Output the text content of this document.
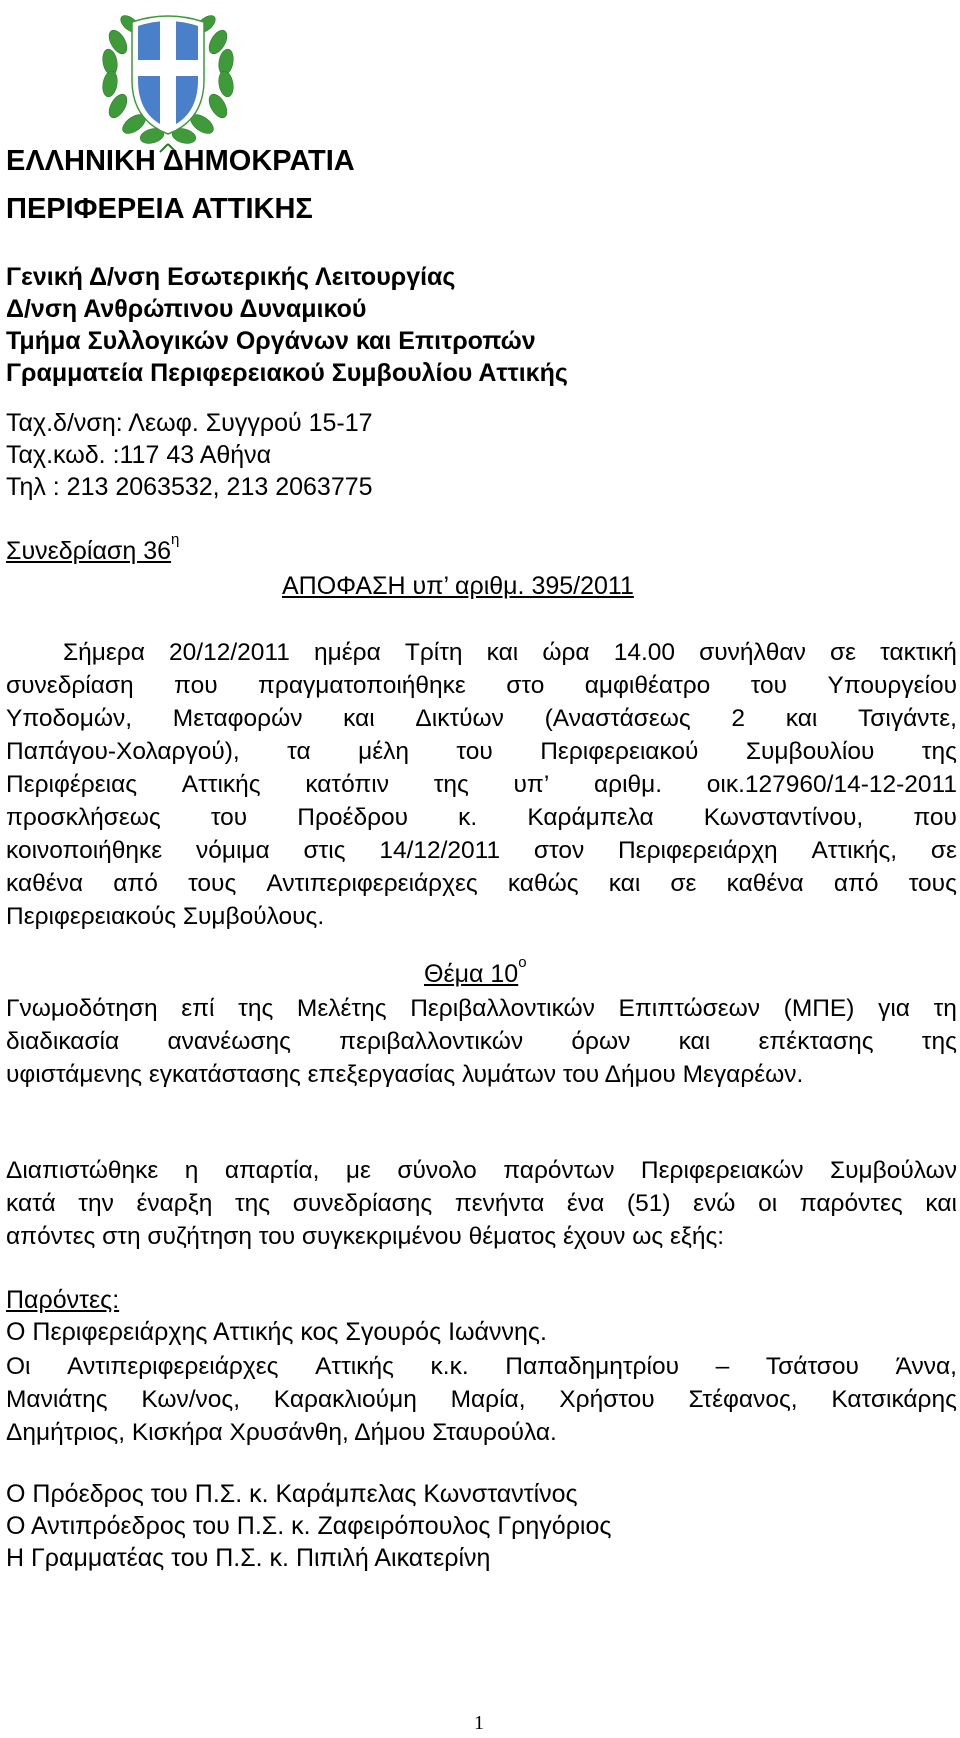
ΕΛΛΗΝΙΚΗ ΔΗΜΟΚΡΑΤΙΑ
ΠΕΡΙΦΕΡΕΙΑ ΑΤΤΙΚΗΣ
Γενική Δ/νση Εσωτερικής Λειτουργίας
Δ/νση Ανθρώπινου Δυναμικού
Τμήμα Συλλογικών Οργάνων και Επιτροπών
Γραμματεία Περιφερειακού Συμβουλίου Αττικής
Ταχ.δ/νση: Λεωφ. Συγγρού 15-17
Ταχ.κωδ. :117 43 Αθήνα
Τηλ : 213 2063532, 213 2063775
Συνεδρίαση $36^\eta$
ΑΠΟΦΑΣΗ υπ’ αριθμ. 395/2011
Σήμερα 20/12/2011 ημέρα Τρίτη και ώρα 14.00 συνήλθαν σε τακτική
συνεδρίαση που πραγματοποιήθηκε στο αμφιθέατρο του Υπουργείου
Υποδομών, Μεταφορών και Δικτύων (Αναστάσεως 2 και Τσιγάντε,
Παπάγου-Χολαργού), τα μέλη του Περιφερειακού Συμβουλίου της
Περιφέρειας Αττικής κατόπιν της υπ’ αριθμ. οικ.127960/14-12-2011
προσκλήσεως του Προέδρου κ. Καράμπελα Κωνσταντίνου, που
κοινοποιήθηκε νόμιμα στις 14/12/2011 στον Περιφερειάρχη Αττικής, σε
καθένα από τους Αντιπεριφερειάρχες καθώς και σε καθένα από τους
Περιφερειακούς Συμβούλους.
Θέμα $10^o$
Γνωμοδότηση επί της Μελέτης Περιβαλλοντικών Επιπτώσεων (ΜΠΕ) για τη
διαδικασία ανανέωσης περιβαλλοντικών όρων και επέκτασης της
υφιστάμενης εγκατάστασης επεξεργασίας λυμάτων του Δήμου Μεγαρέων.
Διαπιστώθηκε η απαρτία, με σύνολο παρόντων Περιφερειακών Συμβούλων
κατά την έναρξη της συνεδρίασης πενήντα ένα (51) ενώ οι παρόντες και
απόντες στη συζήτηση του συγκεκριμένου θέματος έχουν ως εξής:
Παρόντες:
Ο Περιφερειάρχης Αττικής κος Σγουρός Ιωάννης.
Οι Αντιπεριφερειάρχες Αττικής κ.κ. Παπαδημητρίου – Τσάτσου Άννα,
Μανιάτης Κων/νος, Καρακλιούμη Μαρία, Χρήστου Στέφανος, Κατσικάρης
Δημήτριος, Κισκήρα Χρυσάνθη, Δήμου Σταυρούλα.
Ο Πρόεδρος του Π.Σ. κ. Καράμπελας Κωνσταντίνος
Ο Αντιπρόεδρος του Π.Σ. κ. Ζαφειρόπουλος Γρηγόριος
Η Γραμματέας του Π.Σ. κ. Πιπιλή Αικατερίνη
1
